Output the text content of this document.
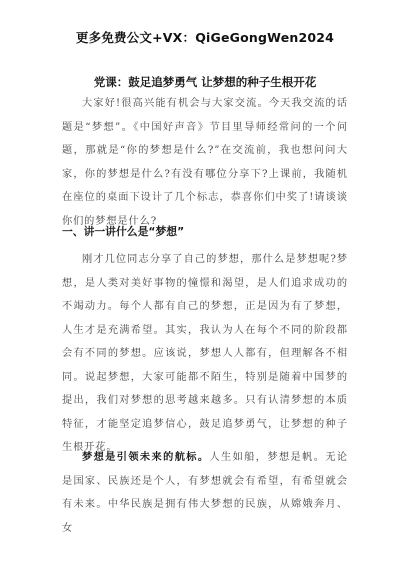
更多免费公文+VX：QiGeGongWen2024
党课：鼓足追梦勇气 让梦想的种子生根开花

大家好!很高兴能有机会与大家交流。今天我交流的话题是“梦想”。《中国好声音》节目里导师经常问的一个问题，那就是“你的梦想是什么?”在交流前，我也想问问大家，你的梦想是什么?有没有哪位分享下?上课前，我随机在座位的桌面下设计了几个标志，恭喜你们中奖了!请谈谈你们的梦想是什么?

一、讲一讲什么是“梦想”

刚才几位同志分享了自己的梦想，那什么是梦想呢?梦想，是人类对美好事物的憧憬和渴望，是人们追求成功的不竭动力。每个人都有自己的梦想，正是因为有了梦想，人生才是充满希望。其实，我认为人在每个不同的阶段都会有不同的梦想。应该说，梦想人人都有，但理解各不相同。说起梦想，大家可能都不陌生，特别是随着中国梦的提出，我们对梦想的思考越来越多。只有认清梦想的本质特征，才能坚定追梦信心，鼓足追梦勇气，让梦想的种子生根开花。

梦想是引领未来的航标。人生如船，梦想是帆。无论是国家、民族还是个人，有梦想就会有希望，有希望就会有未来。中华民族是拥有伟大梦想的民族，从嫦娥奔月、女
